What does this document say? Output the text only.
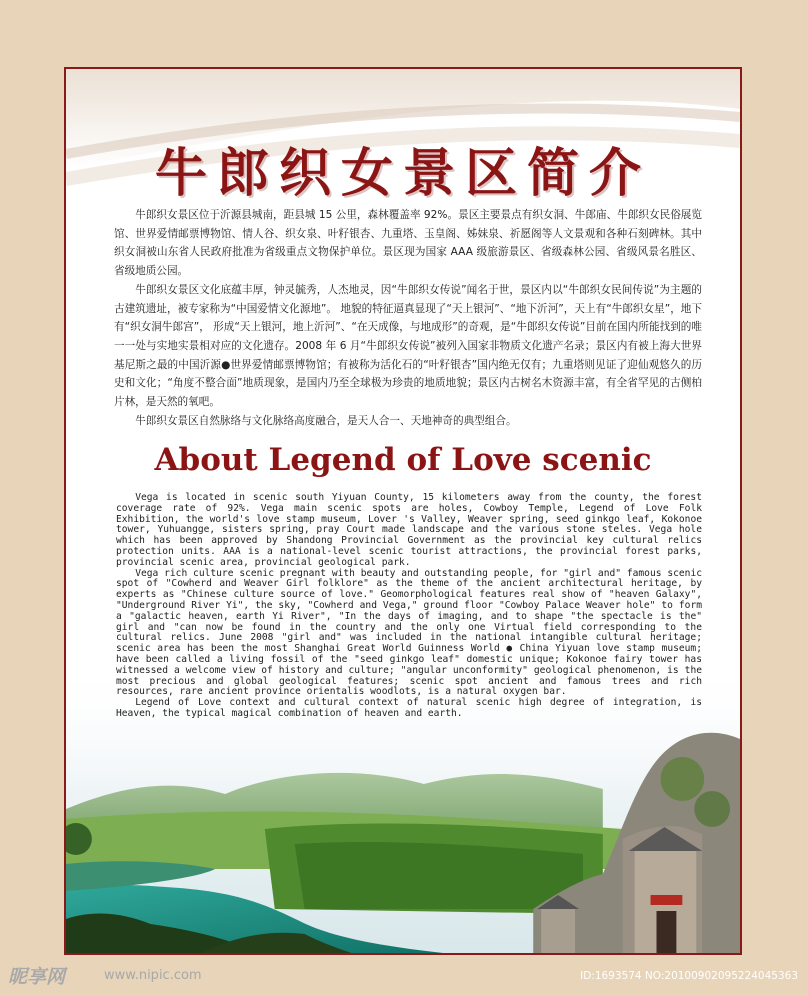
牛郎织女景区简介

牛郎织女景区位于沂源县城南，距县城 15 公里，森林覆盖率 92%。景区主要景点有织女洞、牛郎庙、牛郎织女民俗展览馆、世界爱情邮票博物馆、情人谷、织女泉、叶籽银杏、九重塔、玉皇阁、姊妹泉、祈愿阁等人文景观和各种石刻碑林。其中织女洞被山东省人民政府批准为省级重点文物保护单位。景区现为国家 AAA 级旅游景区、省级森林公园、省级风景名胜区、省级地质公园。

牛郎织女景区文化底蕴丰厚，钟灵毓秀，人杰地灵，因“牛郎织女传说”闻名于世，景区内以“牛郎织女民间传说”为主题的古建筑遗址，被专家称为“中国爱情文化源地”。 地貌的特征逼真显现了“天上银河”、“地下沂河”，天上有“牛郎织女星”，地下有“织女洞牛郎宫”， 形成“天上银河，地上沂河”、“在天成像，与地成形”的奇观，是“牛郎织女传说”目前在国内所能找到的唯一一处与实地实景相对应的文化遗存。2008 年 6 月“牛郎织女传说”被列入国家非物质文化遗产名录；景区内有被上海大世界基尼斯之最的中国沂源●世界爱情邮票博物馆；有被称为活化石的“叶籽银杏”国内绝无仅有；九重塔则见证了迎仙观悠久的历史和文化；“角度不整合面”地质现象，是国内乃至全球极为珍贵的地质地貌；景区内古树名木资源丰富，有全省罕见的古侧柏片林，是天然的氧吧。

牛郎织女景区自然脉络与文化脉络高度融合，是天人合一、天地神奇的典型组合。

About Legend of Love scenic

Vega is located in scenic south Yiyuan County, 15 kilometers away from the county, the forest coverage rate of 92%. Vega main scenic spots are holes, Cowboy Temple, Legend of Love Folk Exhibition, the world's love stamp museum, Lover 's Valley, Weaver spring, seed ginkgo leaf, Kokonoe tower, Yuhuangge, sisters spring, pray Court made landscape and the various stone steles. Vega hole which has been approved by Shandong Provincial Government as the provincial key cultural relics protection units. AAA is a national-level scenic tourist attractions, the provincial forest parks, provincial scenic area, provincial geological park.

Vega rich culture scenic pregnant with beauty and outstanding people, for "girl and" famous scenic spot of "Cowherd and Weaver Girl folklore" as the theme of the ancient architectural heritage, by experts as "Chinese culture source of love." Geomorphological features real show of "heaven Galaxy", "Underground River Yi", the sky, "Cowherd and Vega," ground floor "Cowboy Palace Weaver hole" to form a "galactic heaven, earth Yi River", "In the days of imaging, and to shape "the spectacle is the" girl and "can now be found in the country and the only one Virtual field corresponding to the cultural relics. June 2008 "girl and" was included in the national intangible cultural heritage; scenic area has been the most Shanghai Great World Guinness World ● China Yiyuan love stamp museum; have been called a living fossil of the "seed ginkgo leaf" domestic unique; Kokonoe fairy tower has witnessed a welcome view of history and culture; "angular unconformity" geological phenomenon, is the most precious and global geological features; scenic spot ancient and famous trees and rich resources, rare ancient province orientalis woodlots, is a natural oxygen bar.

Legend of Love context and cultural context of natural scenic high degree of integration, is Heaven, the typical magical combination of heaven and earth.

昵享网	www.nipic.com	ID:1693574 NO:20100902095224045363
